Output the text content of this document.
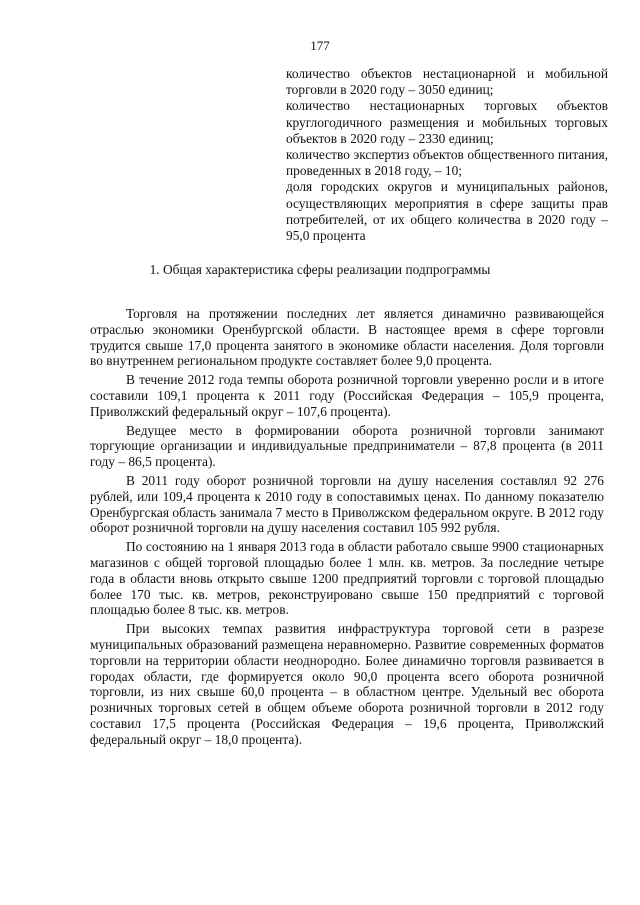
177

количество объектов нестационарной и мобильной торговли в 2020 году – 3050 единиц;

количество нестационарных торговых объектов круглогодичного размещения и мобильных торговых объектов в 2020 году – 2330 единиц;

количество экспертиз объектов общественного питания, проведенных в 2018 году, – 10;

доля городских округов и муниципальных районов, осуществляющих мероприятия в сфере защиты прав потребителей, от их общего количества в 2020 году – 95,0 процента

1. Общая характеристика сферы реализации подпрограммы

Торговля на протяжении последних лет является динамично развивающейся отраслью экономики Оренбургской области. В настоящее время в сфере торговли трудится свыше 17,0 процента занятого в экономике области населения. Доля торговли во внутреннем региональном продукте составляет более 9,0 процента.

В течение 2012 года темпы оборота розничной торговли уверенно росли и в итоге составили 109,1 процента к 2011 году (Российская Федерация – 105,9 процента, Приволжский федеральный округ – 107,6 процента).

Ведущее место в формировании оборота розничной торговли занимают торгующие организации и индивидуальные предприниматели – 87,8 процента (в 2011 году – 86,5 процента).

В 2011 году оборот розничной торговли на душу населения составлял 92 276 рублей, или 109,4 процента к 2010 году в сопоставимых ценах. По данному показателю Оренбургская область занимала 7 место в Приволжском федеральном округе. В 2012 году оборот розничной торговли на душу населения составил 105 992 рубля.

По состоянию на 1 января 2013 года в области работало свыше 9900 стационарных магазинов с общей торговой площадью более 1 млн. кв. метров. За последние четыре года в области вновь открыто свыше 1200 предприятий торговли с торговой площадью более 170 тыс. кв. метров, реконструировано свыше 150 предприятий с торговой площадью более 8 тыс. кв. метров.

При высоких темпах развития инфраструктура торговой сети в разрезе муниципальных образований размещена неравномерно. Развитие современных форматов торговли на территории области неоднородно. Более динамично торговля развивается в городах области, где формируется около 90,0 процента всего оборота розничной торговли, из них свыше 60,0 процента – в областном центре. Удельный вес оборота розничных торговых сетей в общем объеме оборота розничной торговли в 2012 году составил 17,5 процента (Российская Федерация – 19,6 процента, Приволжский федеральный округ – 18,0 процента).
